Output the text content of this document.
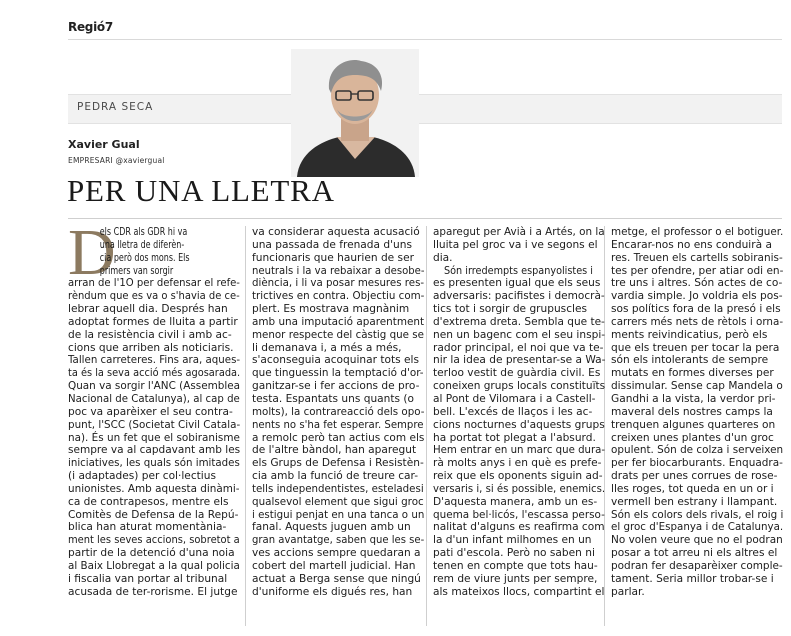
Regió7
PEDRA SECA
Xavier Gual
EMPRESARI @xaviergual
PER UNA LLETRA
D
els CDR als GDR hi va
una lletra de diferèn-
cia però dos mons. Els
primers van sorgir
arran de l'1O per defensar el refe-
rèndum que es va o s'havia de ce-
lebrar aquell dia. Després han
adoptat formes de lluita a partir
de la resistència civil i amb ac-
cions que arriben als noticiaris.
Tallen carreteres. Fins ara, aques-
ta és la seva acció més agosarada.
Quan va sorgir l'ANC (Assemblea
Nacional de Catalunya), al cap de
poc va aparèixer el seu contra-
punt, l'SCC (Societat Civil Catala-
na). És un fet que el sobiranisme
sempre va al capdavant amb les
iniciatives, les quals són imitades
(i adaptades) per col·lectius
unionistes. Amb aquesta dinàmi-
ca de contrapesos, mentre els
Comitès de Defensa de la Repú-
blica han aturat momentània-
ment les seves accions, sobretot a
partir de la detenció d'una noia
al Baix Llobregat a la qual policia
i fiscalia van portar al tribunal
acusada de ter-rorisme. El jutge
va considerar aquesta acusació
una passada de frenada d'uns
funcionaris que haurien de ser
neutrals i la va rebaixar a desobe-
diència, i li va posar mesures res-
trictives en contra. Objectiu com-
plert. Es mostrava magnànim
amb una imputació aparentment
menor respecte del càstig que se
li demanava i, a més a més,
s'aconseguia acoquinar tots els
que tinguessin la temptació d'or-
ganitzar-se i fer accions de pro-
testa. Espantats uns quants (o
molts), la contrareacció dels opo-
nents no s'ha fet esperar. Sempre
a remolc però tan actius com els
de l'altre bàndol, han aparegut
els Grups de Defensa i Resistèn-
cia amb la funció de treure car-
tells independentistes, esteladesi
qualsevol element que sigui groc
i estigui penjat en una tanca o un
fanal. Aquests juguen amb un
gran avantatge, saben que les se-
ves accions sempre quedaran a
cobert del martell judicial. Han
actuat a Berga sense que ningú
d'uniforme els digués res, han
aparegut per Avià i a Artés, on la
lluita pel groc va i ve segons el
dia.
Són irredempts espanyolistes i
es presenten igual que els seus
adversaris: pacifistes i democrà-
tics tot i sorgir de grupuscles
d'extrema dreta. Sembla que te-
nen un bagenc com el seu inspi-
rador principal, el noi que va te-
nir la idea de presentar-se a Wa-
terloo vestit de guàrdia civil. Es
coneixen grups locals constituïts
al Pont de Vilomara i a Castell-
bell. L'excés de llaços i les ac-
cions nocturnes d'aquests grups
ha portat tot plegat a l'absurd.
Hem entrar en un marc que dura-
rà molts anys i en què es prefe-
reix que els oponents siguin ad-
versaris i, si és possible, enemics.
D'aquesta manera, amb un es-
quema bel·licós, l'escassa perso-
nalitat d'alguns es reafirma com
la d'un infant milhomes en un
pati d'escola. Però no saben ni
tenen en compte que tots hau-
rem de viure junts per sempre,
als mateixos llocs, compartint el
metge, el professor o el botiguer.
Encarar-nos no ens conduirà a
res. Treuen els cartells sobiranis-
tes per ofendre, per atiar odi en-
tre uns i altres. Són actes de co-
vardia simple. Jo voldria els pos-
sos polítics fora de la presó i els
carrers més nets de rètols i orna-
ments reivindicatius, però els
que els treuen per tocar la pera
són els intolerants de sempre
mutats en formes diverses per
dissimular. Sense cap Mandela o
Gandhi a la vista, la verdor pri-
maveral dels nostres camps la
trenquen algunes quarteres on
creixen unes plantes d'un groc
opulent. Són de colza i serveixen
per fer biocarburants. Enquadra-
drats per unes corrues de rose-
lles roges, tot queda en un or i
vermell ben estrany i llampant.
Són els colors dels rivals, el roig i
el groc d'Espanya i de Catalunya.
No volen veure que no el podran
posar a tot arreu ni els altres el
podran fer desaparèixer comple-
tament. Seria millor trobar-se i
parlar.
